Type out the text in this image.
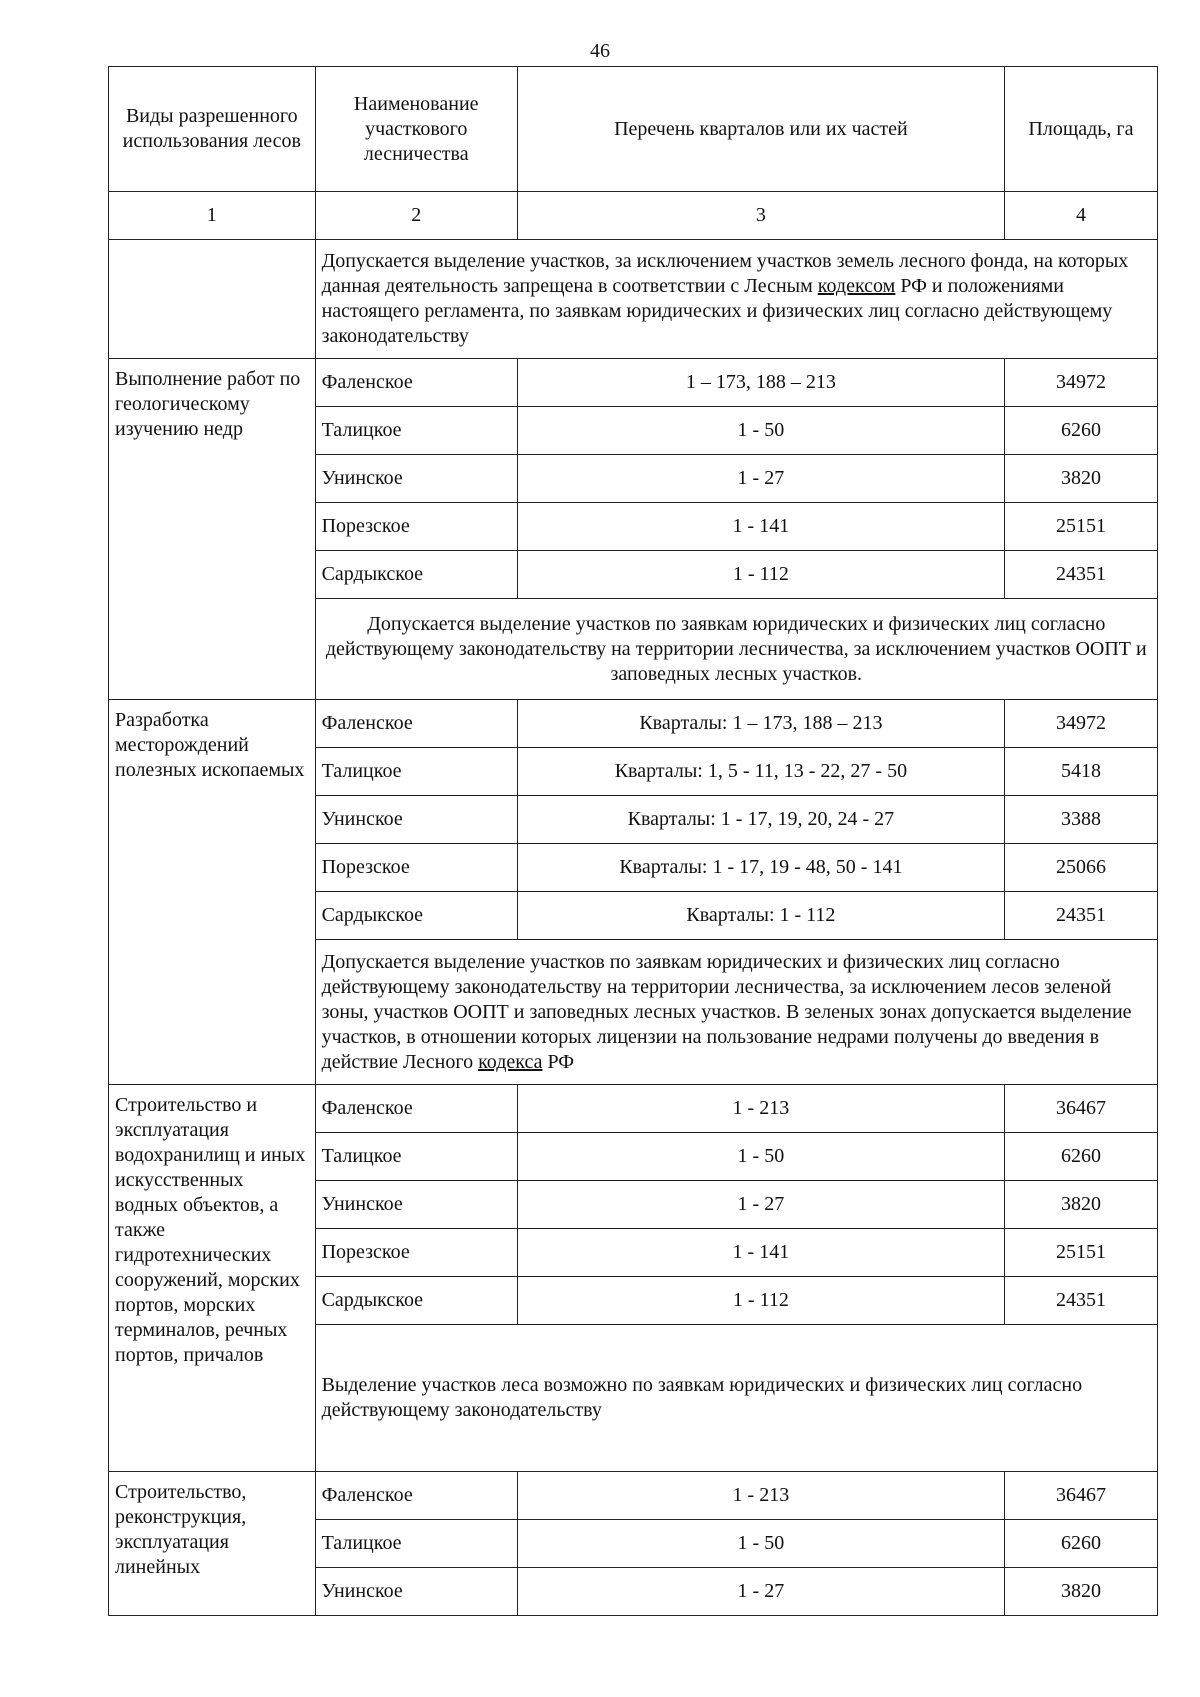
46
Виды разрешенного использования лесов	Наименование участкового лесничества	Перечень кварталов или их частей	Площадь, га
1	2	3	4
	Допускается выделение участков, за исключением участков земель лесного фонда, на которых данная деятельность запрещена в соответствии с Лесным кодексом РФ и положениями настоящего регламента, по заявкам юридических и физических лиц согласно действующему законодательству		
Выполнение работ по геологическому изучению недр	Фаленское	1 – 173, 188 – 213	34972
	Талицкое	1 - 50	6260
	Унинское	1 - 27	3820
	Порезское	1 - 141	25151
	Сардыкское	1 - 112	24351
	Допускается выделение участков по заявкам юридических и физических лиц согласно действующему законодательству на территории лесничества, за исключением участков ООПТ и заповедных лесных участков.		
Разработка месторождений полезных ископаемых	Фаленское	Кварталы: 1 – 173, 188 – 213	34972
	Талицкое	Кварталы: 1, 5 - 11, 13 - 22, 27 - 50	5418
	Унинское	Кварталы: 1 - 17, 19, 20, 24 - 27	3388
	Порезское	Кварталы: 1 - 17, 19 - 48, 50 - 141	25066
	Сардыкское	Кварталы: 1 - 112	24351
	Допускается выделение участков по заявкам юридических и физических лиц согласно действующему законодательству на территории лесничества, за исключением лесов зеленой зоны, участков ООПТ и заповедных лесных участков. В зеленых зонах допускается выделение участков, в отношении которых лицензии на пользование недрами получены до введения в действие Лесного кодекса РФ		
Строительство и эксплуатация водохранилищ и иных искусственных водных объектов, а также гидротехнических сооружений, морских портов, морских терминалов, речных портов, причалов	Фаленское	1 - 213	36467
	Талицкое	1 - 50	6260
	Унинское	1 - 27	3820
	Порезское	1 - 141	25151
	Сардыкское	1 - 112	24351
	Выделение участков леса возможно по заявкам юридических и физических лиц согласно действующему законодательству		
Строительство, реконструкция, эксплуатация линейных	Фаленское	1 - 213	36467
	Талицкое	1 - 50	6260
	Унинское	1 - 27	3820
